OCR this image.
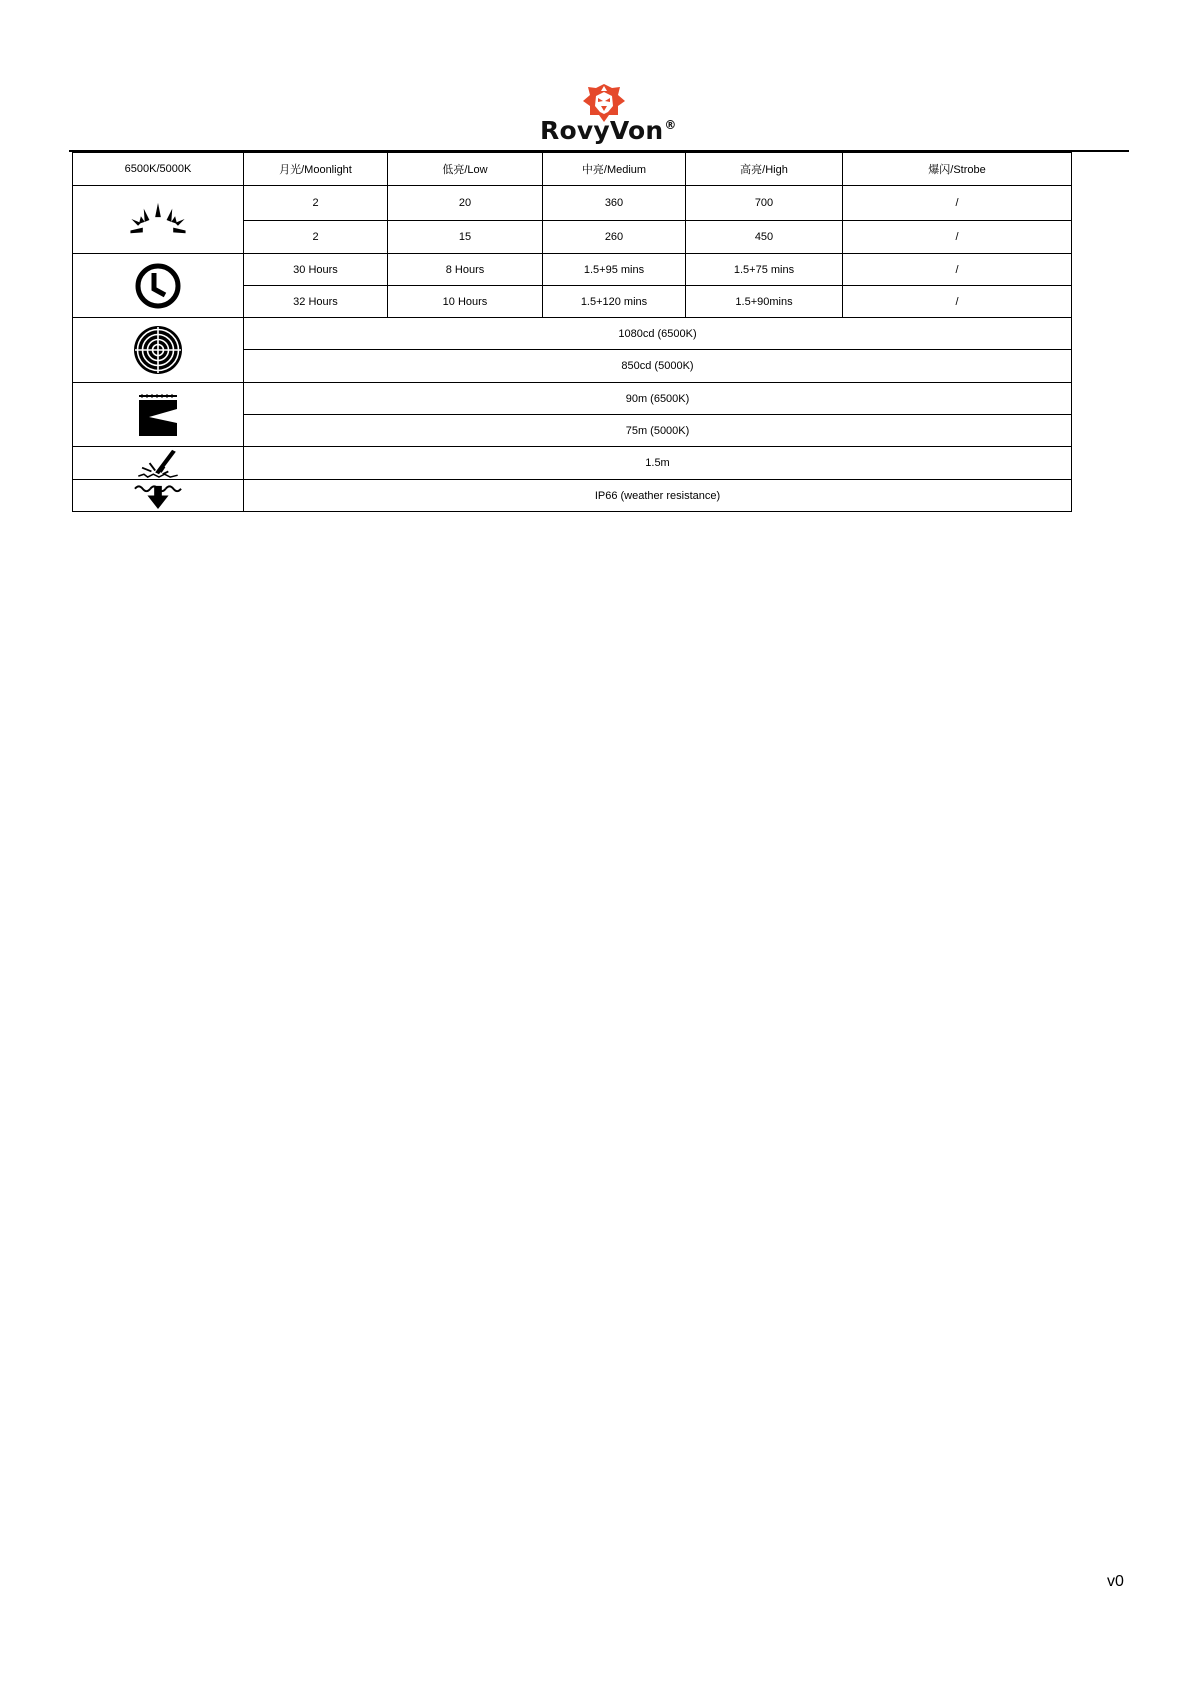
RovyVon®
6500K/5000K	月光/Moonlight	低亮/Low	中亮/Medium	高亮/High	爆闪/Strobe

	2	20	360	700	/
	2	15	260	450	/

	30 Hours	8 Hours	1.5+95 mins	1.5+75 mins	/
	32 Hours	10 Hours	1.5+120 mins	1.5+90mins	/

	1080cd (6500K)				
	850cd (5000K)				

	90m (6500K)				
	75m (5000K)				

	1.5m				

	IP66 (weather resistance)				
v0
